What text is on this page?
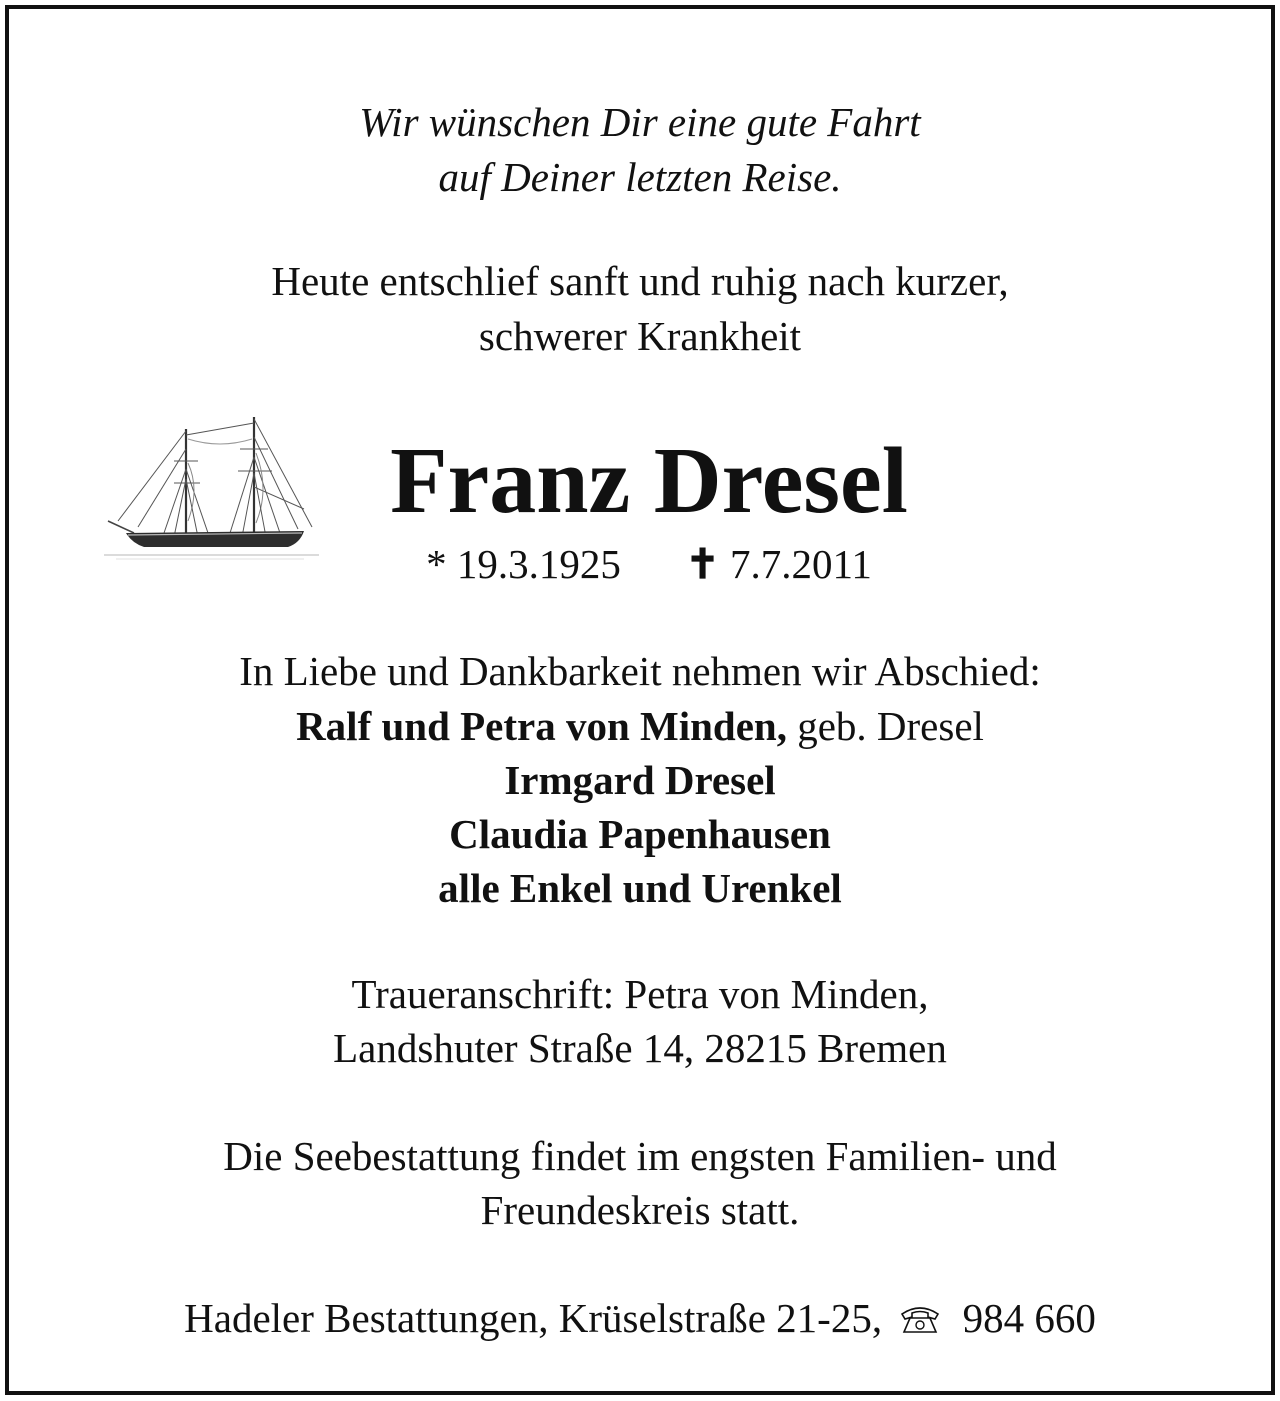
Wir wünschen Dir eine gute Fahrt
auf Deiner letzten Reise.
Heute entschlief sanft und ruhig nach kurzer,
schwerer Krankheit
Franz Dresel
* 19.3.1925 ✝ 7.7.2011
In Liebe und Dankbarkeit nehmen wir Abschied:
Ralf und Petra von Minden, geb. Dresel
Irmgard Dresel
Claudia Papenhausen
alle Enkel und Urenkel
Traueranschrift: Petra von Minden,
Landshuter Straße 14, 28215 Bremen
Die Seebestattung findet im engsten Familien- und
Freundeskreis statt.
Hadeler Bestattungen, Krüselstraße 21-25, 984 660
